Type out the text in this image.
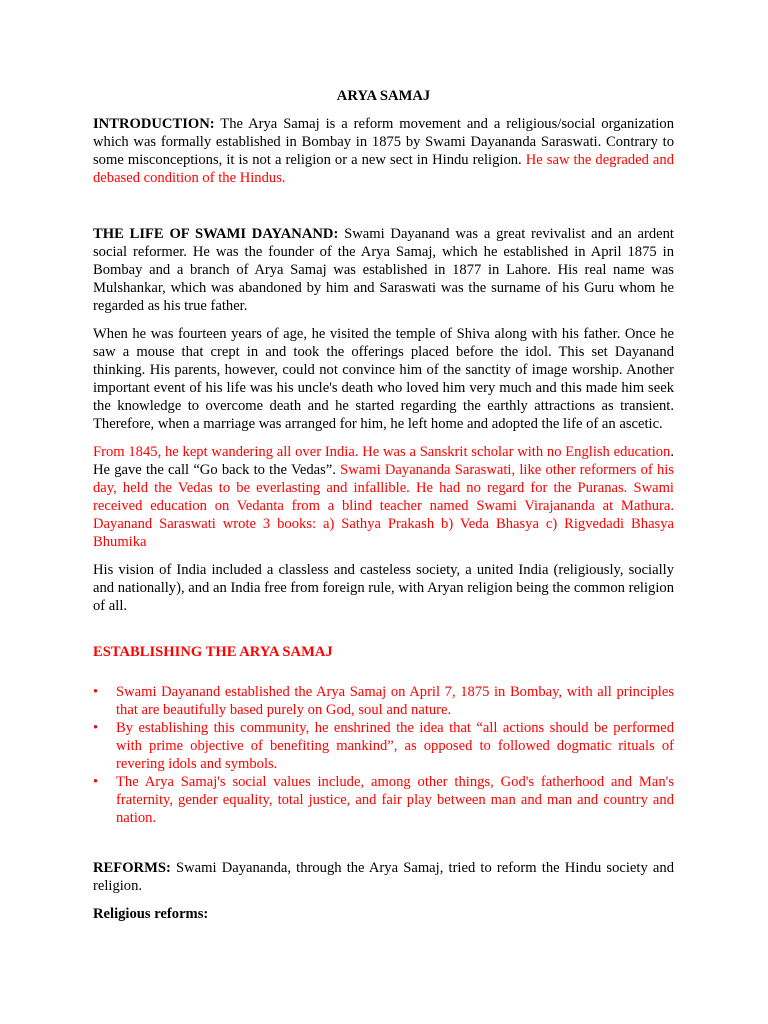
ARYA SAMAJ

INTRODUCTION: The Arya Samaj is a reform movement and a religious/social organization which was formally established in Bombay in 1875 by Swami Dayananda Saraswati. Contrary to some misconceptions, it is not a religion or a new sect in Hindu religion. He saw the degraded and debased condition of the Hindus.

THE LIFE OF SWAMI DAYANAND: Swami Dayanand was a great revivalist and an ardent social reformer. He was the founder of the Arya Samaj, which he established in April 1875 in Bombay and a branch of Arya Samaj was established in 1877 in Lahore. His real name was Mulshankar, which was abandoned by him and Saraswati was the surname of his Guru whom he regarded as his true father.

When he was fourteen years of age, he visited the temple of Shiva along with his father. Once he saw a mouse that crept in and took the offerings placed before the idol. This set Dayanand thinking. His parents, however, could not convince him of the sanctity of image worship. Another important event of his life was his uncle's death who loved him very much and this made him seek the knowledge to overcome death and he started regarding the earthly attractions as transient. Therefore, when a marriage was arranged for him, he left home and adopted the life of an ascetic.

From 1845, he kept wandering all over India. He was a Sanskrit scholar with no English education. He gave the call “Go back to the Vedas”. Swami Dayananda Saraswati, like other reformers of his day, held the Vedas to be everlasting and infallible. He had no regard for the Puranas. Swami received education on Vedanta from a blind teacher named Swami Virajananda at Mathura. Dayanand Saraswati wrote 3 books: a) Sathya Prakash b) Veda Bhasya c) Rigvedadi Bhasya Bhumika

His vision of India included a classless and casteless society, a united India (religiously, socially and nationally), and an India free from foreign rule, with Aryan religion being the common religion of all.

ESTABLISHING THE ARYA SAMAJ

• Swami Dayanand established the Arya Samaj on April 7, 1875 in Bombay, with all principles that are beautifully based purely on God, soul and nature.
• By establishing this community, he enshrined the idea that “all actions should be performed with prime objective of benefiting mankind”, as opposed to followed dogmatic rituals of revering idols and symbols.
• The Arya Samaj's social values include, among other things, God's fatherhood and Man's fraternity, gender equality, total justice, and fair play between man and man and country and nation.

REFORMS: Swami Dayananda, through the Arya Samaj, tried to reform the Hindu society and religion.

Religious reforms:
